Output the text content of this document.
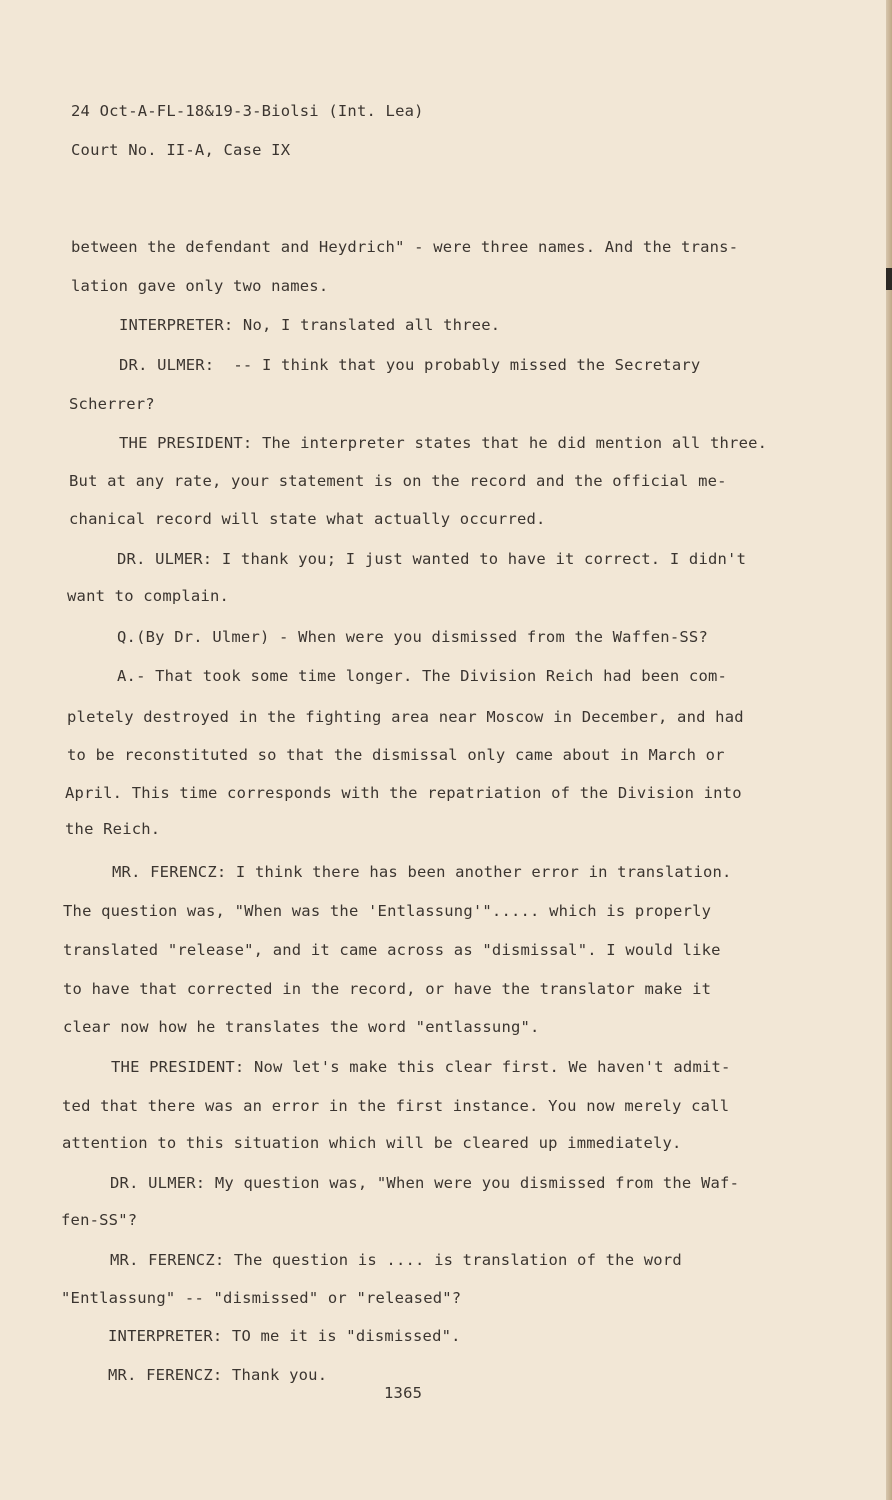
24 Oct-A-FL-18&19-3-Biolsi (Int. Lea)
Court No. II-A, Case IX
between the defendant and Heydrich" - were three names. And the trans-
lation gave only two names.
INTERPRETER: No, I translated all three.
DR. ULMER:  -- I think that you probably missed the Secretary
Scherrer?
THE PRESIDENT: The interpreter states that he did mention all three.
But at any rate, your statement is on the record and the official me-
chanical record will state what actually occurred.
DR. ULMER: I thank you; I just wanted to have it correct. I didn't
want to complain.
Q.(By Dr. Ulmer) - When were you dismissed from the Waffen-SS?
A.- That took some time longer. The Division Reich had been com-
pletely destroyed in the fighting area near Moscow in December, and had
to be reconstituted so that the dismissal only came about in March or
April. This time corresponds with the repatriation of the Division into
the Reich.
MR. FERENCZ: I think there has been another error in translation.
The question was, "When was the 'Entlassung'"..... which is properly
translated "release", and it came across as "dismissal". I would like
to have that corrected in the record, or have the translator make it
clear now how he translates the word "entlassung".
THE PRESIDENT: Now let's make this clear first. We haven't admit-
ted that there was an error in the first instance. You now merely call
attention to this situation which will be cleared up immediately.
DR. ULMER: My question was, "When were you dismissed from the Waf-
fen-SS"?
MR. FERENCZ: The question is .... is translation of the word
"Entlassung" -- "dismissed" or "released"?
INTERPRETER: TO me it is "dismissed".
MR. FERENCZ: Thank you.
1365
